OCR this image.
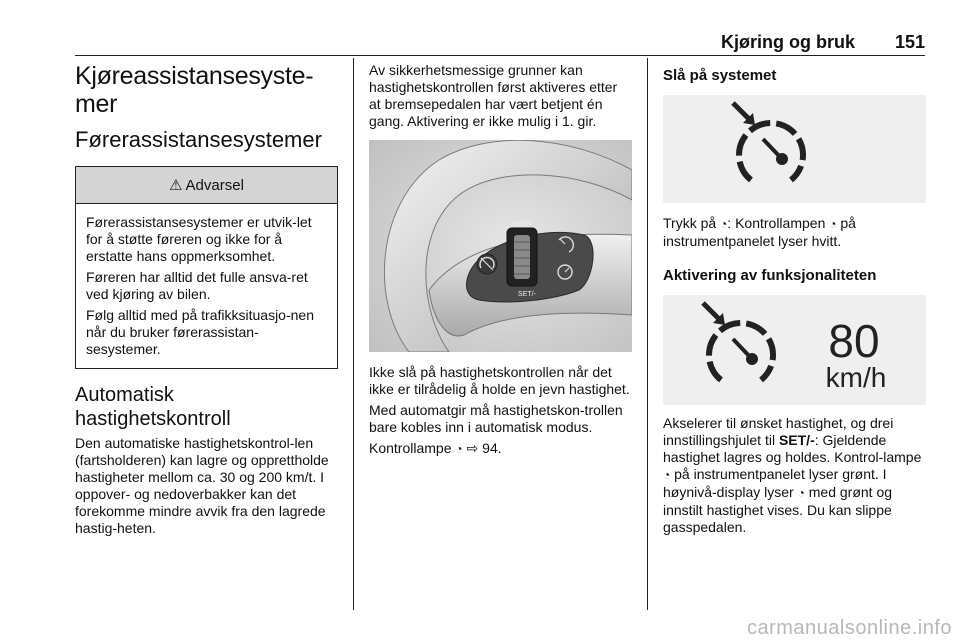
Kjøring og bruk 151
Kjøreassistansesyste-
mer
Førerassistansesystemer
⚠ Advarsel

Førerassistansesystemer er utvik-let for å støtte føreren og ikke for å erstatte hans oppmerksomhet.

Føreren har alltid det fulle ansva-ret ved kjøring av bilen.

Følg alltid med på trafikksituasjo-nen når du bruker førerassistan-sesystemer.

Automatisk
hastighetskontroll

Den automatiske hastighetskontrol-len (fartsholderen) kan lagre og opprettholde hastigheter mellom ca. 30 og 200 km/t. I oppover- og nedoverbakker kan det forekomme mindre avvik fra den lagrede hastig-heten.

Av sikkerhetsmessige grunner kan hastighetskontrollen først aktiveres etter at bremsepedalen har vært betjent én gang. Aktivering er ikke mulig i 1. gir.

RES/+
SET/-

Ikke slå på hastighetskontrollen når det ikke er tilrådelig å holde en jevn hastighet.

Med automatgir må hastighetskon-trollen bare kobles inn i automatisk modus.

Kontrollampe ◔ ⇨ 94.

Slå på systemet

Trykk på ◔: Kontrollampen ◔ på instrumentpanelet lyser hvitt.

Aktivering av funksjonaliteten
80
km/h

Akselerer til ønsket hastighet, og drei innstillingshjulet til SET/-: Gjeldende hastighet lagres og holdes. Kontrol-lampe ◔ på instrumentpanelet lyser grønt. I høynivå-display lyser ◔ med grønt og innstilt hastighet vises. Du kan slippe gasspedalen.

carmanualsonline.info
